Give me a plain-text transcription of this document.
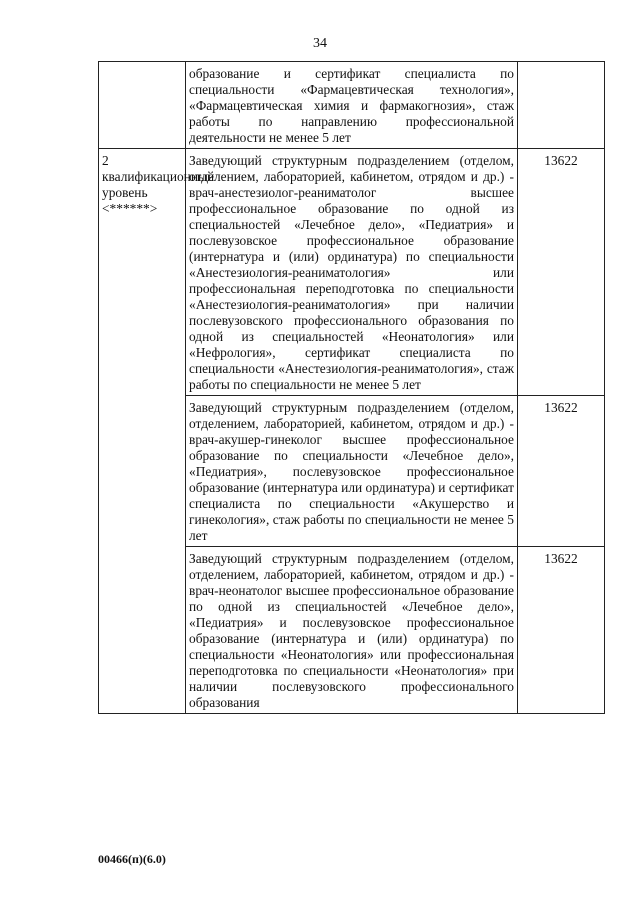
34

	образование и сертификат специалиста по специальности «Фармацевтическая технология», «Фармацевтическая химия и фармакогнозия», стаж работы по направлению профессиональной деятельности не менее 5 лет	

2 квалификационный уровень <******>	Заведующий структурным подразделением (отделом, отделением, лабораторией, кабинетом, отрядом и др.) - врач-анестезиолог-реаниматолог высшее профессиональное образование по одной из специальностей «Лечебное дело», «Педиатрия» и послевузовское профессиональное образование (интернатура и (или) ординатура) по специальности «Анестезиология-реаниматология» или профессиональная переподготовка по специальности «Анестезиология-реаниматология» при наличии послевузовского профессионального образования по одной из специальностей «Неонатология» или «Нефрология», сертификат специалиста по специальности «Анестезиология-реаниматология», стаж работы по специальности не менее 5 лет	13622

	Заведующий структурным подразделением (отделом, отделением, лабораторией, кабинетом, отрядом и др.) - врач-акушер-гинеколог высшее профессиональное образование по специальности «Лечебное дело», «Педиатрия», послевузовское профессиональное образование (интернатура или ординатура) и сертификат специалиста по специальности «Акушерство и гинекология», стаж работы по специальности не менее 5 лет	13622

	Заведующий структурным подразделением (отделом, отделением, лабораторией, кабинетом, отрядом и др.) - врач-неонатолог высшее профессиональное образование по одной из специальностей «Лечебное дело», «Педиатрия» и послевузовское профессиональное образование (интернатура и (или) ординатура) по специальности «Неонатология» или профессиональная переподготовка по специальности «Неонатология» при наличии послевузовского профессионального образования	13622
00466(п)(6.0)
